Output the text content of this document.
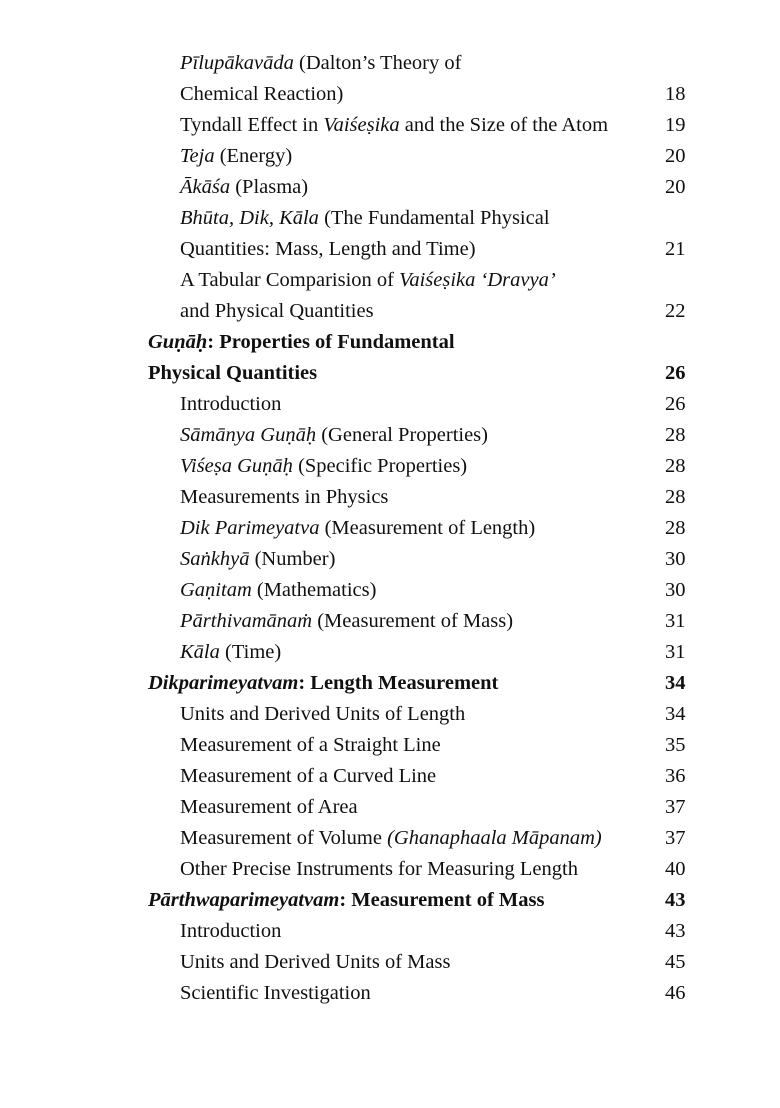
Pīlupākavāda (Dalton’s Theory of
Chemical Reaction)	18
Tyndall Effect in Vaiśeṣika and the Size of the Atom	19
Teja (Energy)	20
Ākāśa (Plasma)	20
Bhūta, Dik, Kāla (The Fundamental Physical
Quantities: Mass, Length and Time)	21
A Tabular Comparision of Vaiśeṣika ‘Dravya’
and Physical Quantities	22
Guṇāḥ: Properties of Fundamental
Physical Quantities	26
Introduction	26
Sāmānya Guṇāḥ (General Properties)	28
Viśeṣa Guṇāḥ (Specific Properties)	28
Measurements in Physics	28
Dik Parimeyatva (Measurement of Length)	28
Saṅkhyā (Number)	30
Gaṇitam (Mathematics)	30
Pārthivamānaṁ (Measurement of Mass)	31
Kāla (Time)	31
Dikparimeyatvam: Length Measurement	34
Units and Derived Units of Length	34
Measurement of a Straight Line	35
Measurement of a Curved Line	36
Measurement of Area	37
Measurement of Volume (Ghanaphaala Māpanam)	37
Other Precise Instruments for Measuring Length	40
Pārthwaparimeyatvam: Measurement of Mass	43
Introduction	43
Units and Derived Units of Mass	45
Scientific Investigation	46
